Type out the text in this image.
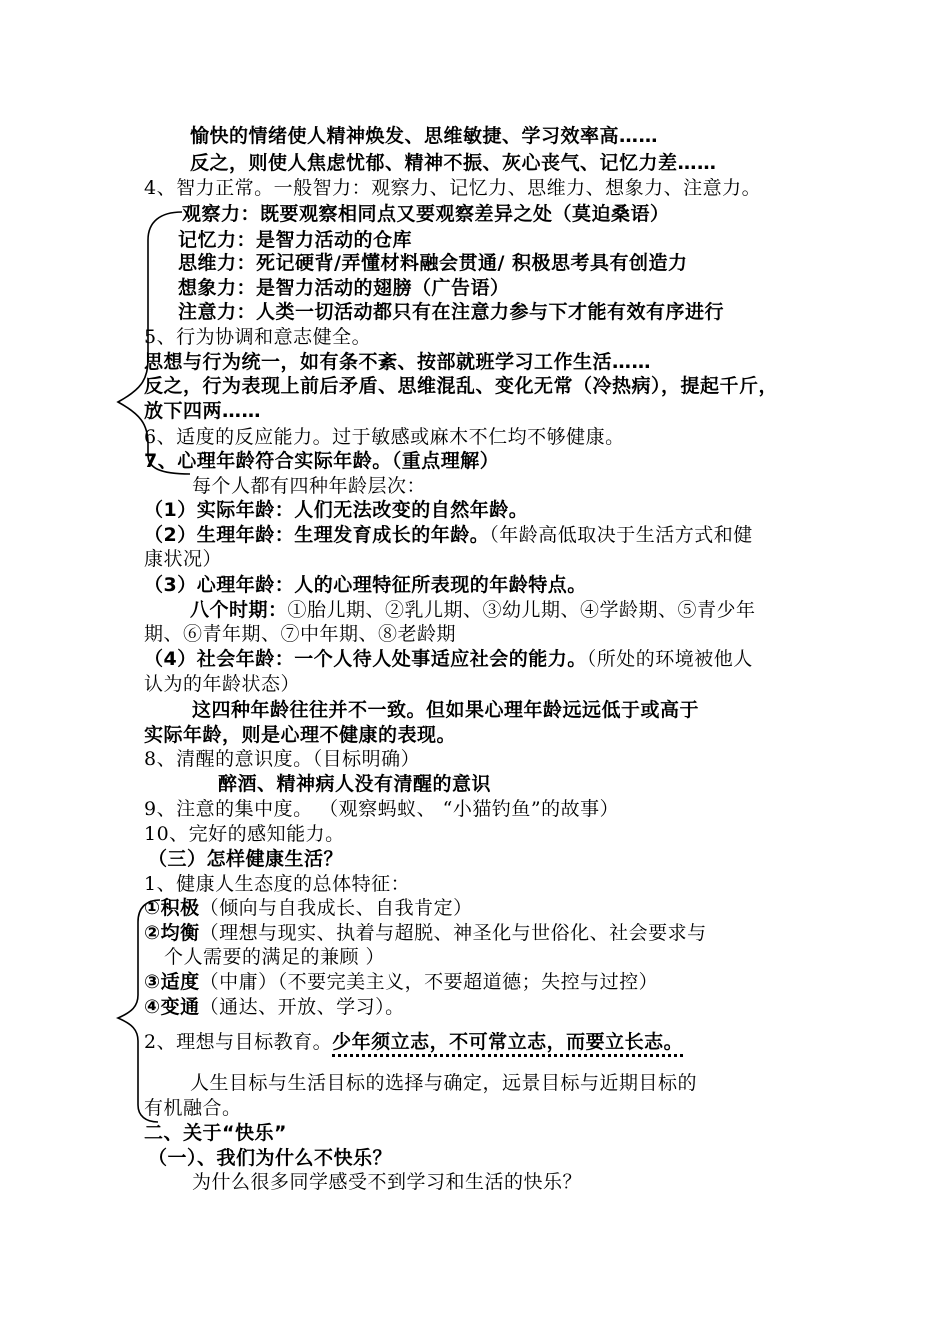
愉快的情绪使人精神焕发、思维敏捷、学习效率高……
反之，则使人焦虑忧郁、精神不振、灰心丧气、记忆力差……
4、智力正常。一般智力：观察力、记忆力、思维力、想象力、注意力。
观察力：既要观察相同点又要观察差异之处（莫迫桑语）
记忆力：是智力活动的仓库
思维力：死记硬背/弄懂材料融会贯通/ 积极思考具有创造力
想象力：是智力活动的翅膀（广告语）
注意力：人类一切活动都只有在注意力参与下才能有效有序进行
5、行为协调和意志健全。
思想与行为统一，如有条不紊、按部就班学习工作生活……
反之，行为表现上前后矛盾、思维混乱、变化无常（冷热病），提起千斤，
放下四两……
6、适度的反应能力。过于敏感或麻木不仁均不够健康。
7、心理年龄符合实际年龄。（重点理解）
每个人都有四种年龄层次：
（1）实际年龄：人们无法改变的自然年龄。
（2）生理年龄：生理发育成长的年龄。（年龄高低取决于生活方式和健
康状况）
（3）心理年龄：人的心理特征所表现的年龄特点。
八个时期：①胎儿期、②乳儿期、③幼儿期、④学龄期、⑤青少年
期、⑥青年期、⑦中年期、⑧老龄期
（4）社会年龄：一个人待人处事适应社会的能力。（所处的环境被他人
认为的年龄状态）
这四种年龄往往并不一致。但如果心理年龄远远低于或高于
实际年龄，则是心理不健康的表现。
8、清醒的意识度。（目标明确）
醉酒、精神病人没有清醒的意识
9、注意的集中度。 （观察蚂蚁、 “小猫钓鱼”的故事）
10、完好的感知能力。
（三）怎样健康生活？
1、健康人生态度的总体特征：
①积极（倾向与自我成长、自我肯定）
②均衡（理想与现实、执着与超脱、神圣化与世俗化、社会要求与
个人需要的满足的兼顾 ）
③适度（中庸）（不要完美主义，不要超道德；失控与过控）
④变通（通达、开放、学习）。
2、理想与目标教育。少年须立志，不可常立志，而要立长志。
人生目标与生活目标的选择与确定，远景目标与近期目标的
有机融合。
二、关于“快乐”
（一）、我们为什么不快乐？
为什么很多同学感受不到学习和生活的快乐？
